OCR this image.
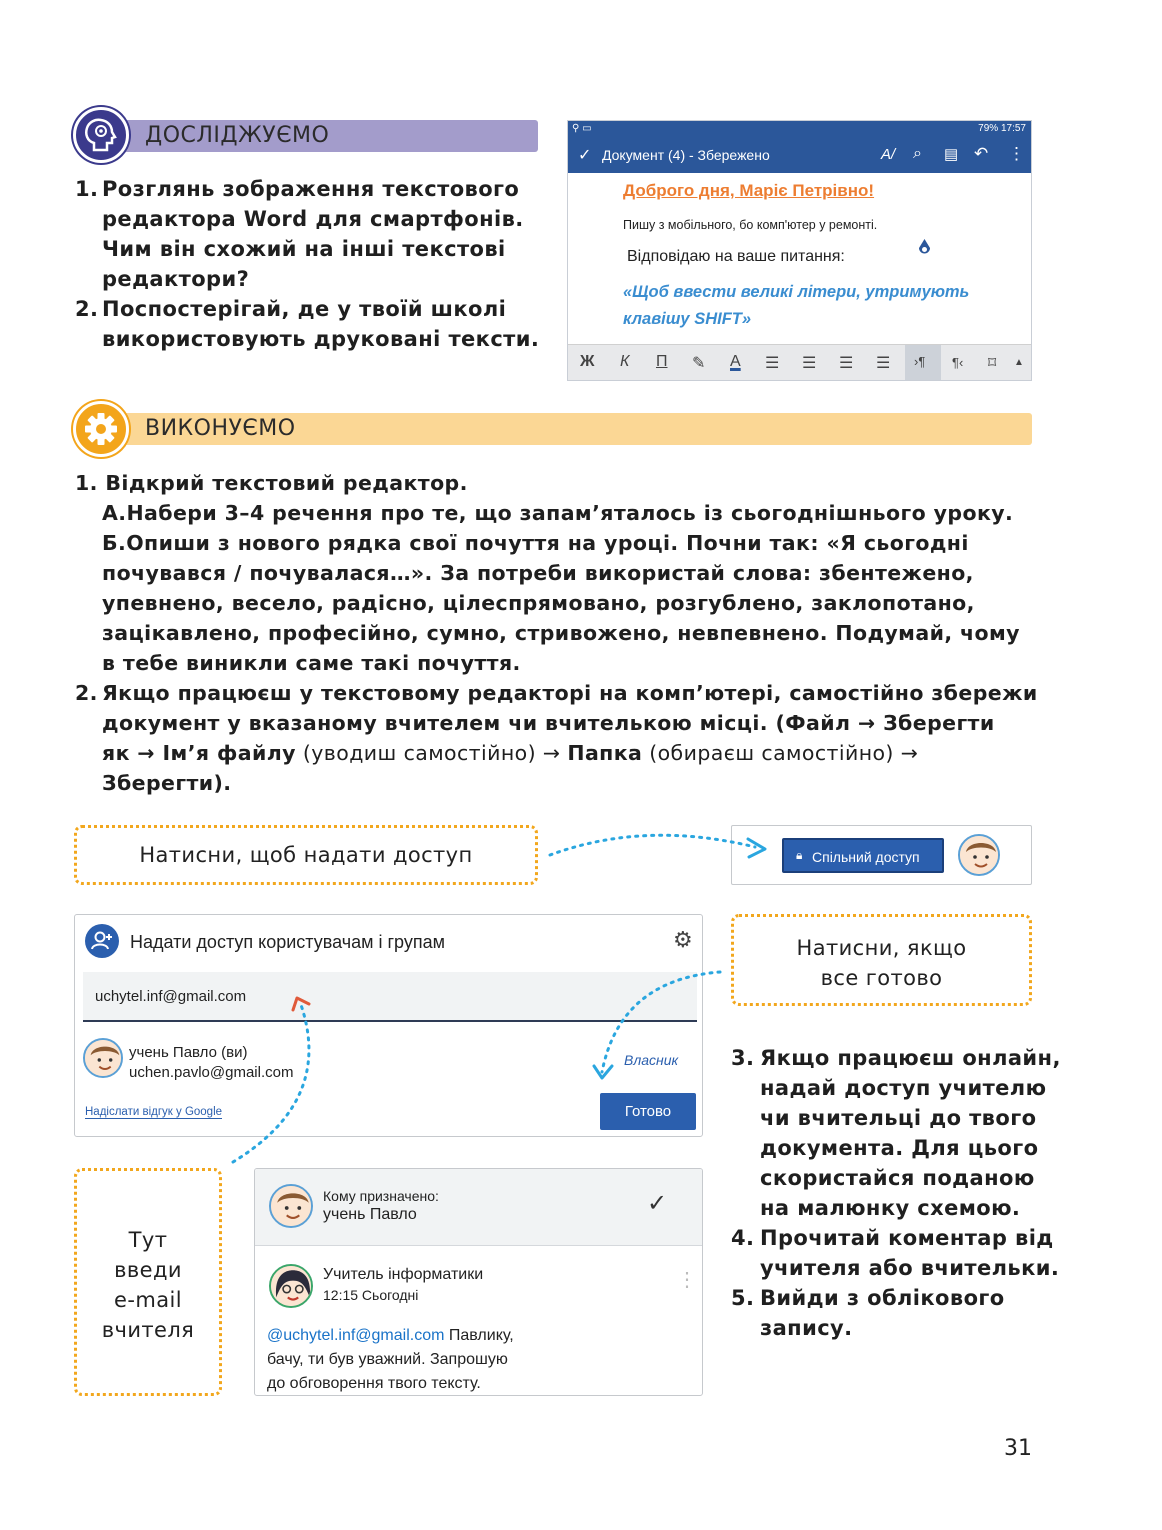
ДОСЛІДЖУЄМО
1. Розглянь зображення текстового
редактора Word для смартфонів.
Чим він схожий на інші текстові
редактори?
2. Поспостерігай, де у твоїй школі
використовують друковані тексти.
⚲ ▭	79% 17:57
✓ Документ (4) - Збережено	A/ ⌕ ▤ ↶ ⋮
Доброго дня, Маріє Петрівно!
Пишу з мобільного, бо комп'ютер у ремонті.
Відповідаю на ваше питання:
«Щоб ввести великі літери, утримують
клавішу SHIFT»
Ж К П ✎ А ☰ ☰ ☰ ☰ ›¶ ¶‹ ⌑ ▲
ВИКОНУЄМО
1. Відкрий текстовий редактор.
А.Набери 3–4 речення про те, що запам’яталось із сьогоднішнього уроку.
Б.Опиши з нового рядка свої почуття на уроці. Почни так: «Я сьогодні
почувався / почувалася…». За потреби використай слова: збентежено,
упевнено, весело, радісно, цілеспрямовано, розгублено, заклопотано,
зацікавлено, професійно, сумно, стривожено, невпевнено. Подумай, чому
в тебе виникли саме такі почуття.
2. Якщо працюєш у текстовому редакторі на комп’ютері, самостійно збережи
документ у вказаному вчителем чи вчителькою місці. (Файл → Зберегти
як → Ім’я файлу (уводиш самостійно) → Папка (обираєш самостійно) →
Зберегти).
Натисни, щоб надати доступ	🔒︎ Спільний доступ
Надати доступ користувачам і групам	⚙
uchytel.inf@gmail.com
учень Павло (ви)
uchen.pavlo@gmail.com
Власник
Надіслати відгук у Google	Готово
Натисни, якщо
все готово
Тут
введи
e-mail
вчителя
Кому призначено:
учень Павло	✓
Учитель інформатики
12:15 Сьогодні
⋮
@uchytel.inf@gmail.com Павлику,
бачу, ти був уважний. Запрошую
до обговорення твого тексту.
3. Якщо працюєш онлайн,
надай доступ учителю
чи вчительці до твого
документа. Для цього
скористайся поданою
на малюнку схемою.
4. Прочитай коментар від
учителя або вчительки.
5. Вийди з облікового
запису.
31
